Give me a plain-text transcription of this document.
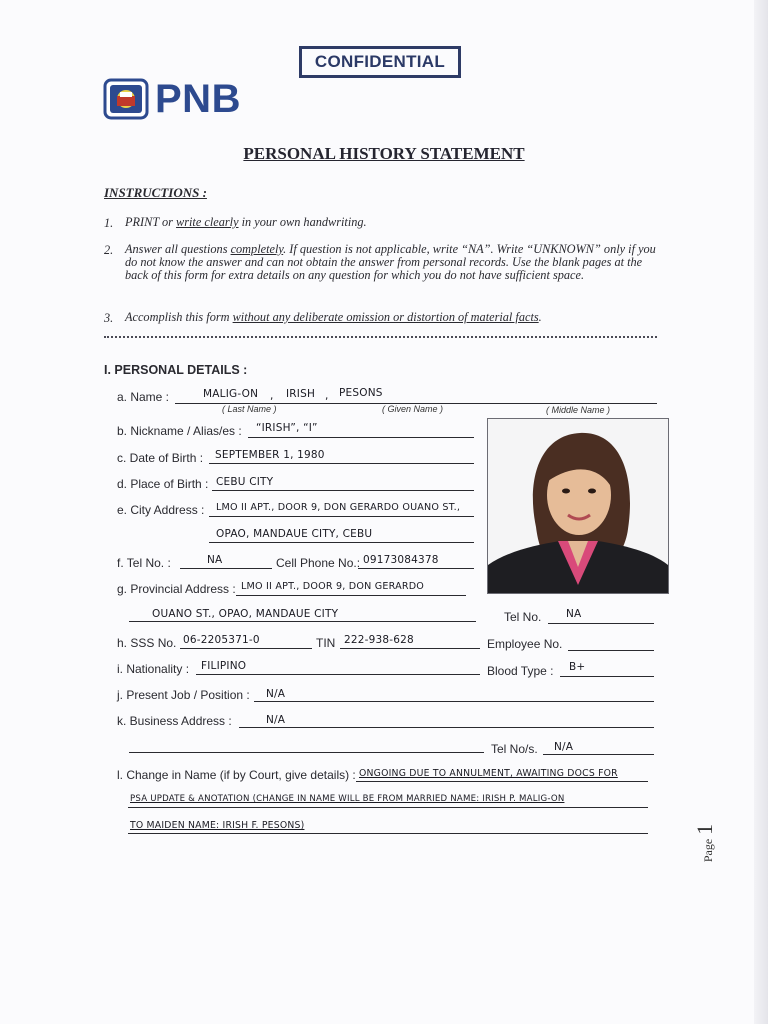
CONFIDENTIAL
PNB
PERSONAL HISTORY STATEMENT
INSTRUCTIONS :
1. PRINT or write clearly in your own handwriting.
2. Answer all questions completely. If question is not applicable, write “NA”. Write “UNKNOWN” only if you do not know the answer and can not obtain the answer from personal records. Use the blank pages at the back of this form for extra details on any question for which you do not have sufficient space.
3. Accomplish this form without any deliberate omission or distortion of material facts.
I. PERSONAL DETAILS :
a. Name :	MALIG-ON , IRISH , PESONS
( Last Name )	( Given Name )	( Middle Name )
b. Nickname / Alias/es : “IRISH”, “I”
c. Date of Birth : SEPTEMBER 1, 1980
d. Place of Birth : CEBU CITY
e. City Address : LMO II APT., DOOR 9, DON GERARDO OUANO ST.,
OPAO, MANDAUE CITY, CEBU
f. Tel No. :	NA	Cell Phone No.: 09173084378
g. Provincial Address : LMO II APT., DOOR 9, DON GERARDO
OUANO ST., OPAO, MANDAUE CITY	Tel No. NA
h. SSS No. 06-2205371-0	TIN 222-938-628	Employee No.
i. Nationality : FILIPINO	Blood Type : B+
j. Present Job / Position : N/A
k. Business Address :	N/A
Tel No/s. N/A
l. Change in Name (if by Court, give details) : ONGOING DUE TO ANNULMENT, AWAITING DOCS FOR
PSA UPDATE & ANOTATION (CHANGE IN NAME WILL BE FROM MARRIED NAME: IRISH P. MALIG-ON
TO MAIDEN NAME: IRISH F. PESONS)
Page 1
